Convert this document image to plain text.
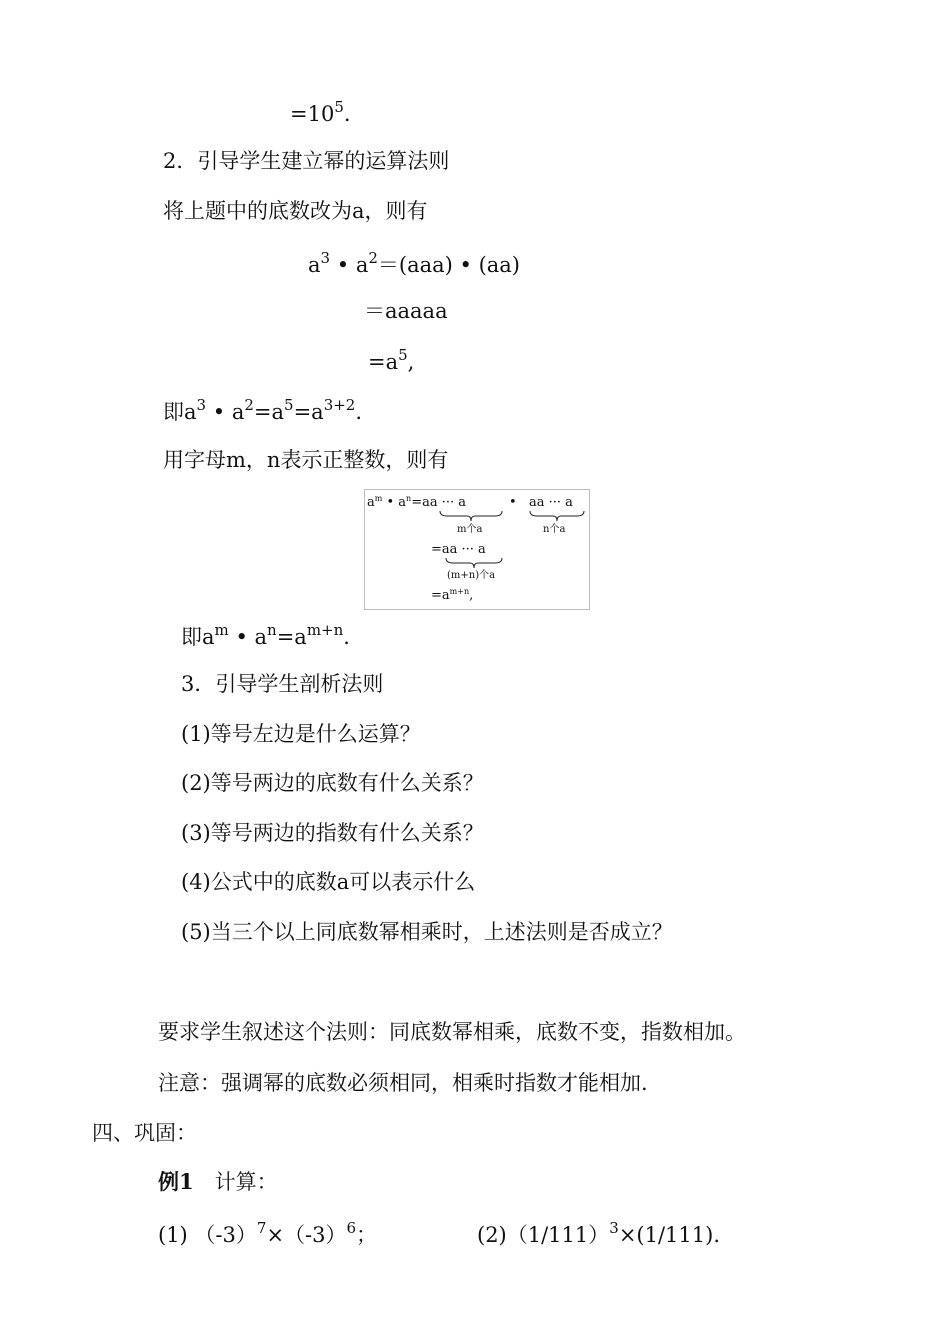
$=10^5$.
2．引导学生建立幂的运算法则
将上题中的底数改为a，则有
$a^3$ • $a^2=(aaa)$ • (aa)
＝aaaaa
$=a^5$,
即$a^3$ • $a^2=a^5=a^{3+2}$.
用字母m，n表示正整数，则有
$a^m$ • $a^n=aa$ ··· a	• aa ··· a
m个a	n个a
=aa ··· a
(m+n)个a
$=a^{m+n}$,
即$a^m$ • $a^n=a^{m+n}$.
3．引导学生剖析法则
(1)等号左边是什么运算？
(2)等号两边的底数有什么关系？
(3)等号两边的指数有什么关系？
(4)公式中的底数a可以表示什么
(5)当三个以上同底数幂相乘时，上述法则是否成立？
要求学生叙述这个法则：同底数幂相乘，底数不变，指数相加。
注意：强调幂的底数必须相同，相乘时指数才能相加.
四、巩固：
例1　计算：
(1) $(-3)^7\times(-3)^6$；	$(2)(1/111)^3\times(1/111)$.
